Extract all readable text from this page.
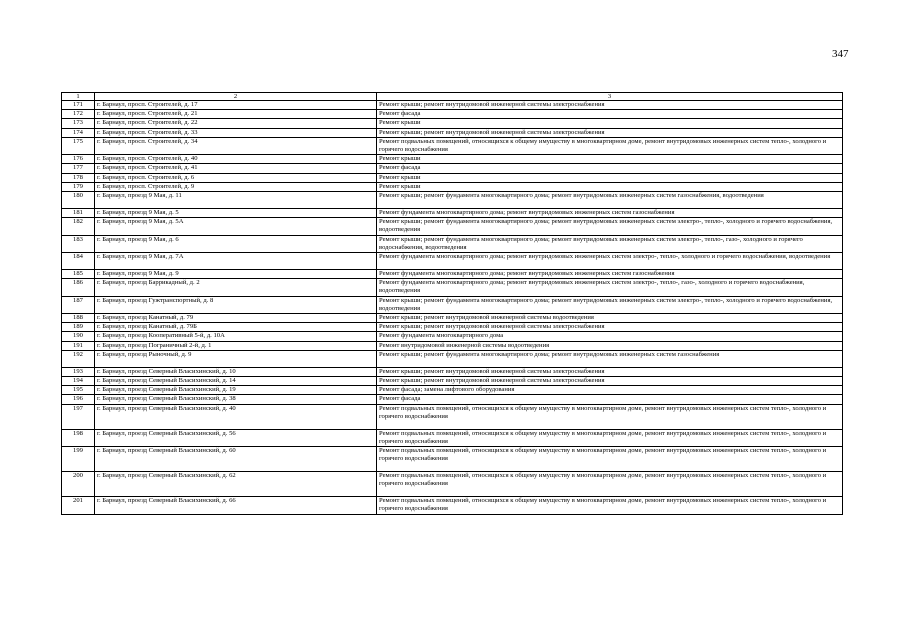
347
1	2	3
171	г. Барнаул, просп. Строителей, д. 17	Ремонт крыши; ремонт внутридомовой инженерной системы электроснабжения
172	г. Барнаул, просп. Строителей, д. 21	Ремонт фасада
173	г. Барнаул, просп. Строителей, д. 22	Ремонт крыши
174	г. Барнаул, просп. Строителей, д. 33	Ремонт крыши; ремонт внутридомовой инженерной системы электроснабжения
175	г. Барнаул, просп. Строителей, д. 34	Ремонт подвальных помещений, относящихся к общему имуществу в многоквартирном доме, ремонт внутридомовых инженерных систем тепло-, холодного и горячего водоснабжения
176	г. Барнаул, просп. Строителей, д. 40	Ремонт крыши
177	г. Барнаул, просп. Строителей, д. 41	Ремонт фасада
178	г. Барнаул, просп. Строителей, д. 6	Ремонт крыши
179	г. Барнаул, просп. Строителей, д. 9	Ремонт крыши
180	г. Барнаул, проезд 9 Мая, д. 11	Ремонт крыши; ремонт фундамента многоквартирного дома; ремонт внутридомовых инженерных систем газоснабжения, водоотведения
181	г. Барнаул, проезд 9 Мая, д. 5	Ремонт фундамента многоквартирного дома; ремонт внутридомовых инженерных систем газоснабжения
182	г. Барнаул, проезд 9 Мая, д. 5А	Ремонт крыши; ремонт фундамента многоквартирного дома; ремонт внутридомовых инженерных систем электро-, тепло-, холодного и горячего водоснабжения, водоотведения
183	г. Барнаул, проезд 9 Мая, д. 6	Ремонт крыши; ремонт фундамента многоквартирного дома; ремонт внутридомовых инженерных систем электро-, тепло-, газо-, холодного и горячего водоснабжения, водоотведения
184	г. Барнаул, проезд 9 Мая, д. 7А	Ремонт фундамента многоквартирного дома; ремонт внутридомовых инженерных систем электро-, тепло-, холодного и горячего водоснабжения, водоотведения
185	г. Барнаул, проезд 9 Мая, д. 9	Ремонт фундамента многоквартирного дома; ремонт внутридомовых инженерных систем газоснабжения
186	г. Барнаул, проезд Баррикадный, д. 2	Ремонт фундамента многоквартирного дома; ремонт внутридомовых инженерных систем электро-, тепло-, газо-, холодного и горячего водоснабжения, водоотведения
187	г. Барнаул, проезд Гужтранспортный, д. 8	Ремонт крыши; ремонт фундамента многоквартирного дома; ремонт внутридомовых инженерных систем электро-, тепло-, холодного и горячего водоснабжения, водоотведения
188	г. Барнаул, проезд Канатный, д. 79	Ремонт крыши; ремонт внутридомовой инженерной системы водоотведения
189	г. Барнаул, проезд Канатный, д. 79Б	Ремонт крыши; ремонт внутридомовой инженерной системы электроснабжения
190	г. Барнаул, проезд Кооперативный 5-й, д. 10А	Ремонт фундамента многоквартирного дома
191	г. Барнаул, проезд Пограничный 2-й, д. 1	Ремонт внутридомовой инженерной системы водоотведения
192	г. Барнаул, проезд Рыночный, д. 9	Ремонт крыши; ремонт фундамента многоквартирного дома; ремонт внутридомовых инженерных систем газоснабжения
193	г. Барнаул, проезд Северный Власихинский, д. 10	Ремонт крыши; ремонт внутридомовой инженерной системы электроснабжения
194	г. Барнаул, проезд Северный Власихинский, д. 14	Ремонт крыши; ремонт внутридомовой инженерной системы электроснабжения
195	г. Барнаул, проезд Северный Власихинский, д. 19	Ремонт фасада; замена лифтового оборудования
196	г. Барнаул, проезд Северный Власихинский, д. 38	Ремонт фасада
197	г. Барнаул, проезд Северный Власихинский, д. 40	Ремонт подвальных помещений, относящихся к общему имуществу в многоквартирном доме, ремонт внутридомовых инженерных систем тепло-, холодного и горячего водоснабжения
198	г. Барнаул, проезд Северный Власихинский, д. 56	Ремонт подвальных помещений, относящихся к общему имуществу в многоквартирном доме, ремонт внутридомовых инженерных систем тепло-, холодного и горячего водоснабжения
199	г. Барнаул, проезд Северный Власихинский, д. 60	Ремонт подвальных помещений, относящихся к общему имуществу в многоквартирном доме, ремонт внутридомовых инженерных систем тепло-, холодного и горячего водоснабжения
200	г. Барнаул, проезд Северный Власихинский, д. 62	Ремонт подвальных помещений, относящихся к общему имуществу в многоквартирном доме, ремонт внутридомовых инженерных систем тепло-, холодного и горячего водоснабжения
201	г. Барнаул, проезд Северный Власихинский, д. 66	Ремонт подвальных помещений, относящихся к общему имуществу в многоквартирном доме, ремонт внутридомовых инженерных систем тепло-, холодного и горячего водоснабжения
